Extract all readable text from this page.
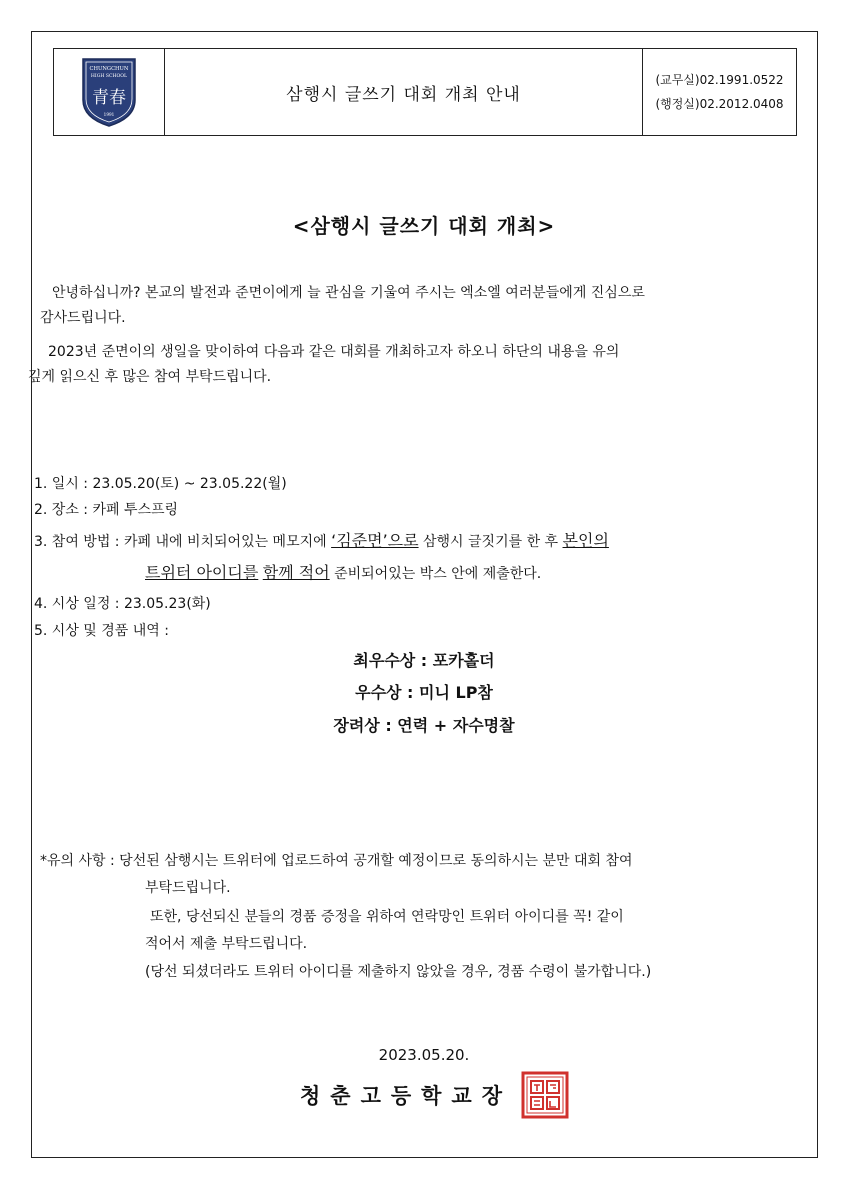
CHUNGCHUN
HIGH SCHOOL
青春
1991
삼행시 글쓰기 대회 개최 안내
(교무실)02.1991.0522
(행정실)02.2012.0408
<삼행시 글쓰기 대회 개최>
안녕하십니까? 본교의 발전과 준면이에게 늘 관심을 기울여 주시는 엑소엘 여러분들에게 진심으로
감사드립니다.
2023년 준면이의 생일을 맞이하여 다음과 같은 대회를 개최하고자 하오니 하단의 내용을 유의
깊게 읽으신 후 많은 참여 부탁드립니다.
1. 일시 : 23.05.20(토) ~ 23.05.22(월)
2. 장소 : 카페 투스프링
3. 참여 방법 : 카페 내에 비치되어있는 메모지에 ‘김준면’으로 삼행시 글짓기를 한 후 본인의
트위터 아이디를 함께 적어 준비되어있는 박스 안에 제출한다.
4. 시상 일정 : 23.05.23(화)
5. 시상 및 경품 내역 :
최우수상 : 포카홀더
우수상 : 미니 LP참
장려상 : 연력 + 자수명찰
*유의 사항 : 당선된 삼행시는 트위터에 업로드하여 공개할 예정이므로 동의하시는 분만 대회 참여
부탁드립니다.
또한, 당선되신 분들의 경품 증정을 위하여 연락망인 트위터 아이디를 꼭! 같이
적어서 제출 부탁드립니다.
(당선 되셨더라도 트위터 아이디를 제출하지 않았을 경우, 경품 수령이 불가합니다.)
2023.05.20.
청춘고등학교장
